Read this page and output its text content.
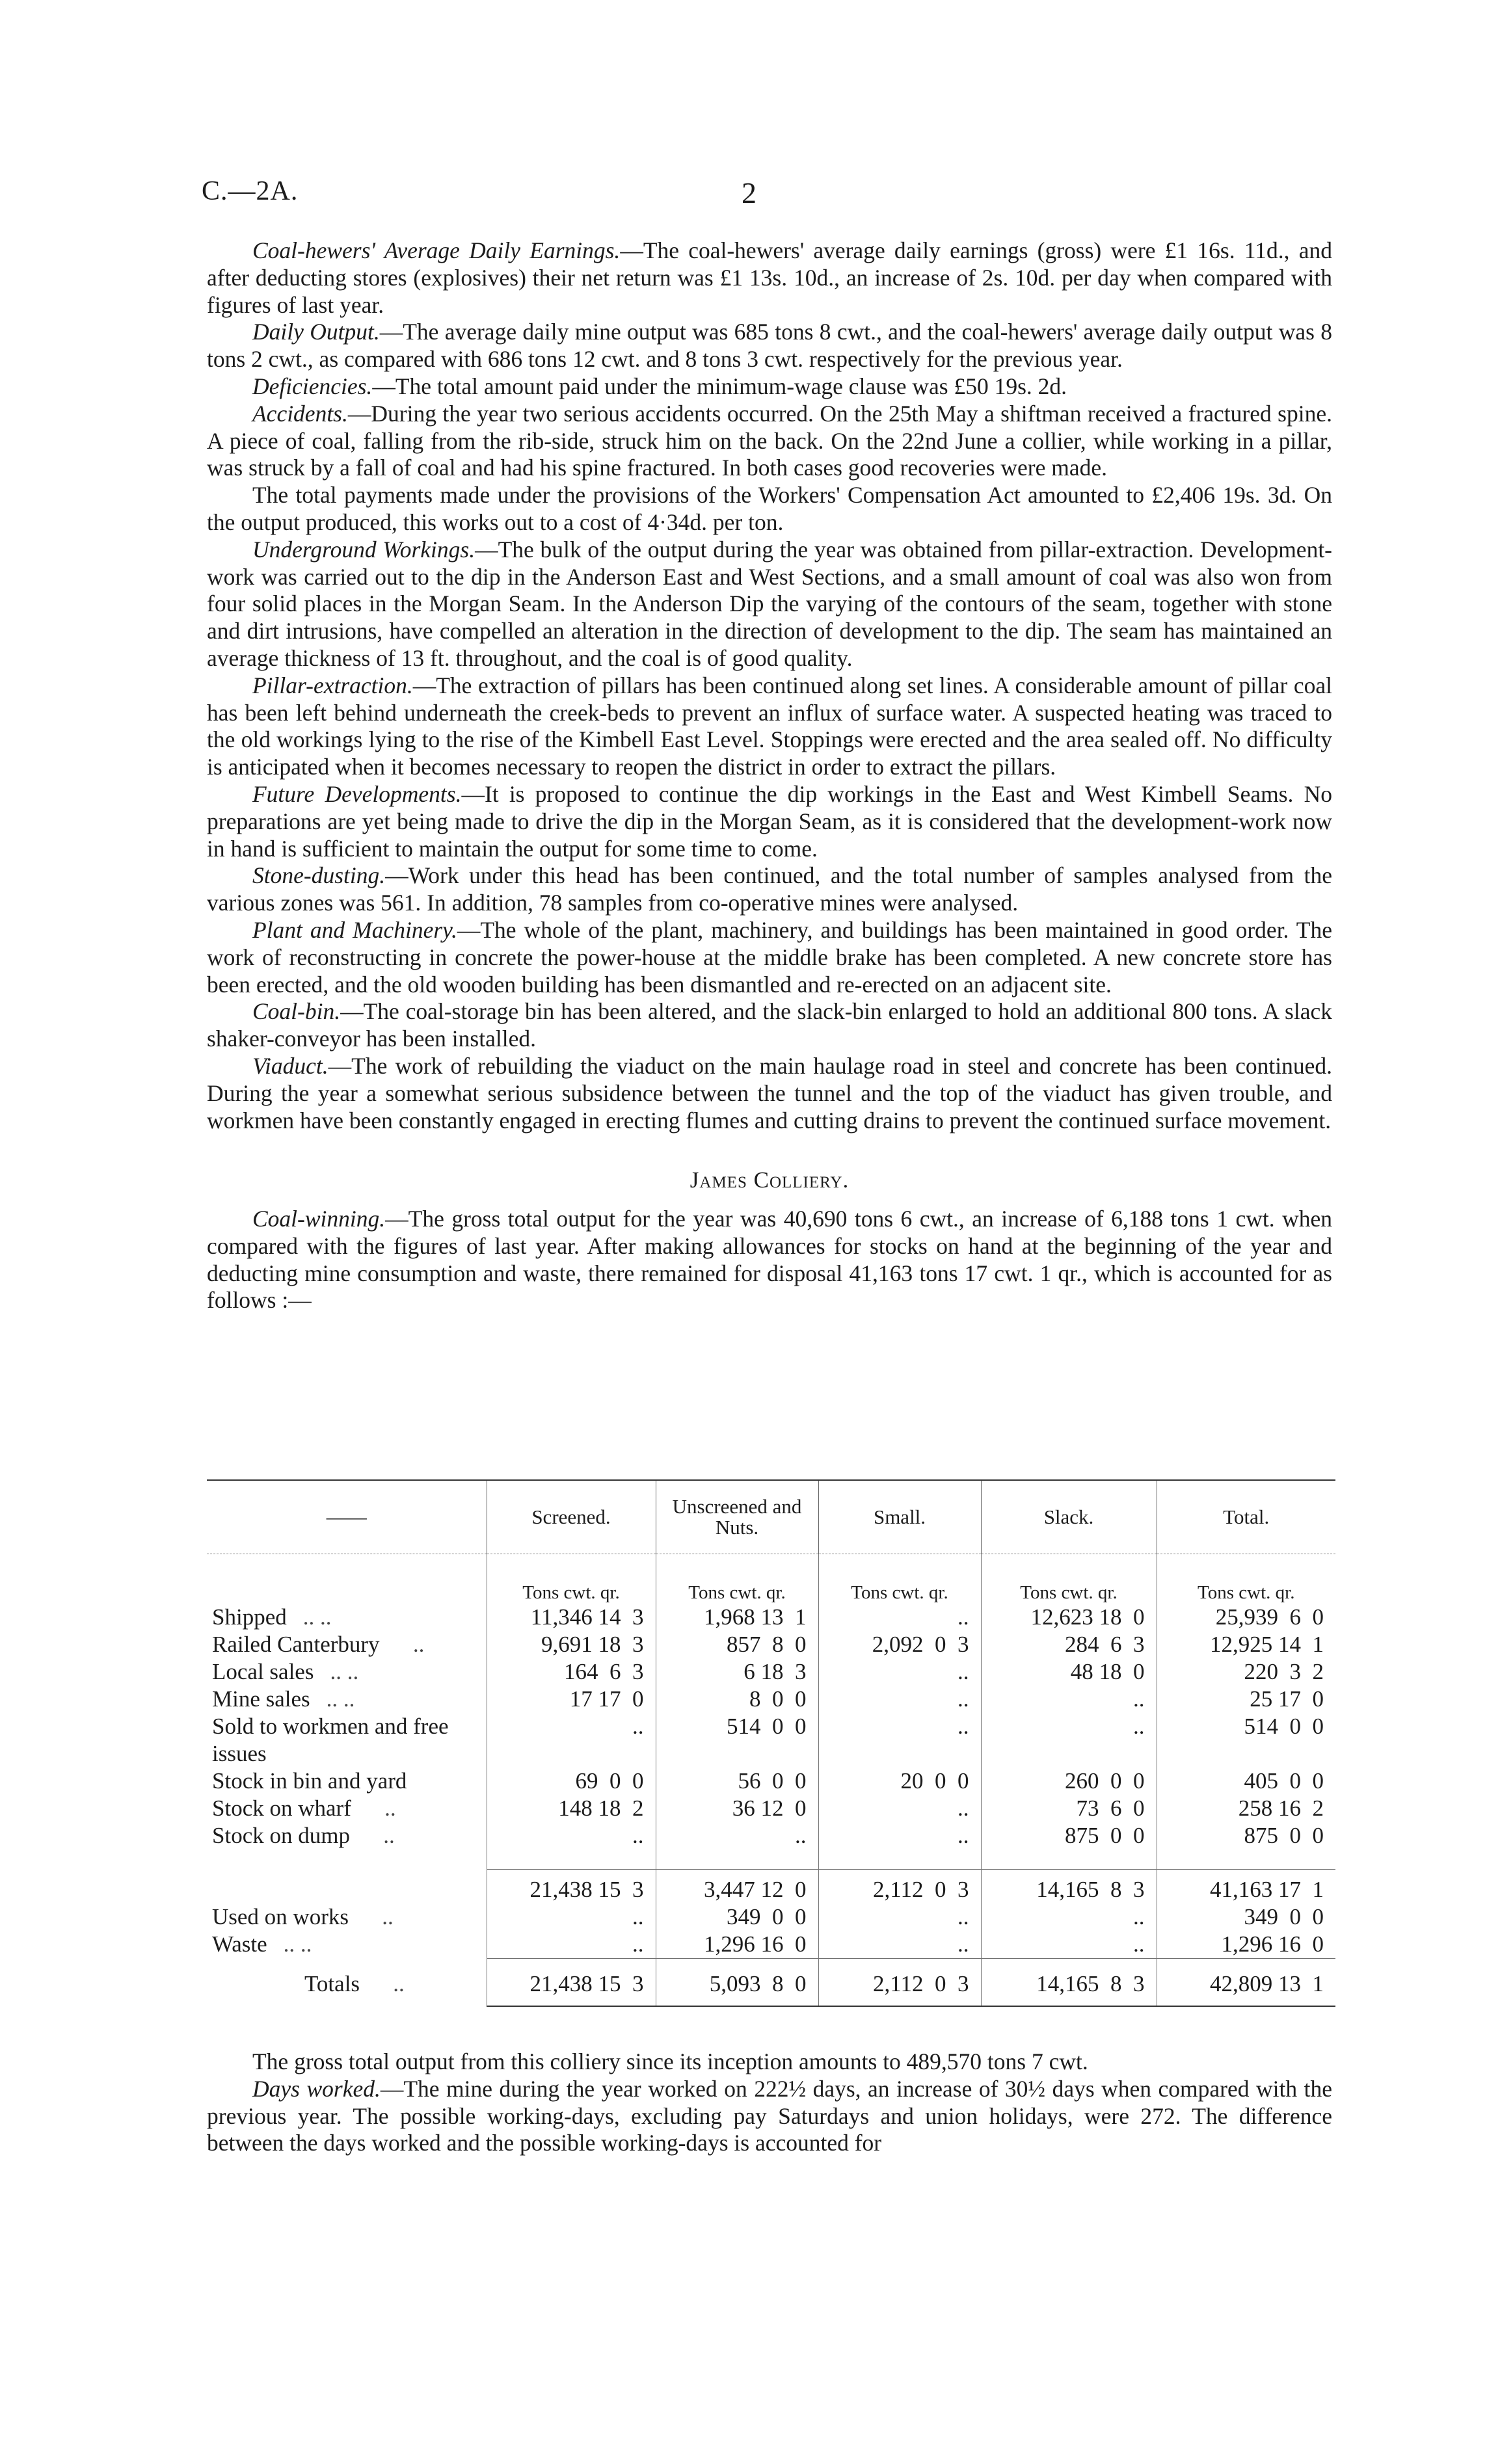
C.—2A.	2

Coal-hewers' Average Daily Earnings.—The coal-hewers' average daily earnings (gross) were £1 16s. 11d., and after deducting stores (explosives) their net return was £1 13s. 10d., an increase of 2s. 10d. per day when compared with figures of last year.

Daily Output.—The average daily mine output was 685 tons 8 cwt., and the coal-hewers' average daily output was 8 tons 2 cwt., as compared with 686 tons 12 cwt. and 8 tons 3 cwt. respectively for the previous year.

Deficiencies.—The total amount paid under the minimum-wage clause was £50 19s. 2d.

Accidents.—During the year two serious accidents occurred. On the 25th May a shiftman received a fractured spine. A piece of coal, falling from the rib-side, struck him on the back. On the 22nd June a collier, while working in a pillar, was struck by a fall of coal and had his spine fractured. In both cases good recoveries were made.

The total payments made under the provisions of the Workers' Compensation Act amounted to £2,406 19s. 3d. On the output produced, this works out to a cost of 4·34d. per ton.

Underground Workings.—The bulk of the output during the year was obtained from pillar-extraction. Development-work was carried out to the dip in the Anderson East and West Sections, and a small amount of coal was also won from four solid places in the Morgan Seam. In the Anderson Dip the varying of the contours of the seam, together with stone and dirt intrusions, have compelled an alteration in the direction of development to the dip. The seam has maintained an average thickness of 13 ft. throughout, and the coal is of good quality.

Pillar-extraction.—The extraction of pillars has been continued along set lines. A considerable amount of pillar coal has been left behind underneath the creek-beds to prevent an influx of surface water. A suspected heating was traced to the old workings lying to the rise of the Kimbell East Level. Stoppings were erected and the area sealed off. No difficulty is anticipated when it becomes necessary to reopen the district in order to extract the pillars.

Future Developments.—It is proposed to continue the dip workings in the East and West Kimbell Seams. No preparations are yet being made to drive the dip in the Morgan Seam, as it is considered that the development-work now in hand is sufficient to maintain the output for some time to come.

Stone-dusting.—Work under this head has been continued, and the total number of samples analysed from the various zones was 561. In addition, 78 samples from co-operative mines were analysed.

Plant and Machinery.—The whole of the plant, machinery, and buildings has been maintained in good order. The work of reconstructing in concrete the power-house at the middle brake has been completed. A new concrete store has been erected, and the old wooden building has been dismantled and re-erected on an adjacent site.

Coal-bin.—The coal-storage bin has been altered, and the slack-bin enlarged to hold an additional 800 tons. A slack shaker-conveyor has been installed.

Viaduct.—The work of rebuilding the viaduct on the main haulage road in steel and concrete has been continued. During the year a somewhat serious subsidence between the tunnel and the top of the viaduct has given trouble, and workmen have been constantly engaged in erecting flumes and cutting drains to prevent the continued surface movement.

James Colliery.

Coal-winning.—The gross total output for the year was 40,690 tons 6 cwt., an increase of 6,188 tons 1 cwt. when compared with the figures of last year. After making allowances for stocks on hand at the beginning of the year and deducting mine consumption and waste, there remained for disposal 41,163 tons 17 cwt. 1 qr., which is accounted for as follows :—

——	Screened.	Unscreened and Nuts.	Small.	Slack.	Total.
	Tons cwt. qr.	Tons cwt. qr.	Tons cwt. qr.	Tons cwt. qr.	Tons cwt. qr.
Shipped .. ..	11,346 14  3	1,968 13  1	..	12,623 18  0	25,939  6  0
Railed Canterbury ..	9,691 18  3	857  8  0	2,092  0  3	284  6  3	12,925 14  1
Local sales .. ..	164  6  3	6 18  3	..	48 18  0	220  3  2
Mine sales .. ..	17 17  0	8  0  0	..	..	25 17  0
Sold to workmen and free issues	..	514  0  0	..	..	514  0  0
Stock in bin and yard	69  0  0	56  0  0	20  0  0	260  0  0	405  0  0
Stock on wharf ..	148 18  2	36 12  0	..	73  6  0	258 16  2
Stock on dump ..	..	..	..	875  0  0	875  0  0

	21,438 15  3	3,447 12  0	2,112  0  3	14,165  8  3	41,163 17  1
Used on works ..	..	349  0  0	..	..	349  0  0
Waste .. ..	..	1,296 16  0	..	..	1,296 16  0
Totals ..	21,438 15  3	5,093  8  0	2,112  0  3	14,165  8  3	42,809 13  1

The gross total output from this colliery since its inception amounts to 489,570 tons 7 cwt.

Days worked.—The mine during the year worked on 222½ days, an increase of 30½ days when compared with the previous year. The possible working-days, excluding pay Saturdays and union holidays, were 272. The difference between the days worked and the possible working-days is accounted for
